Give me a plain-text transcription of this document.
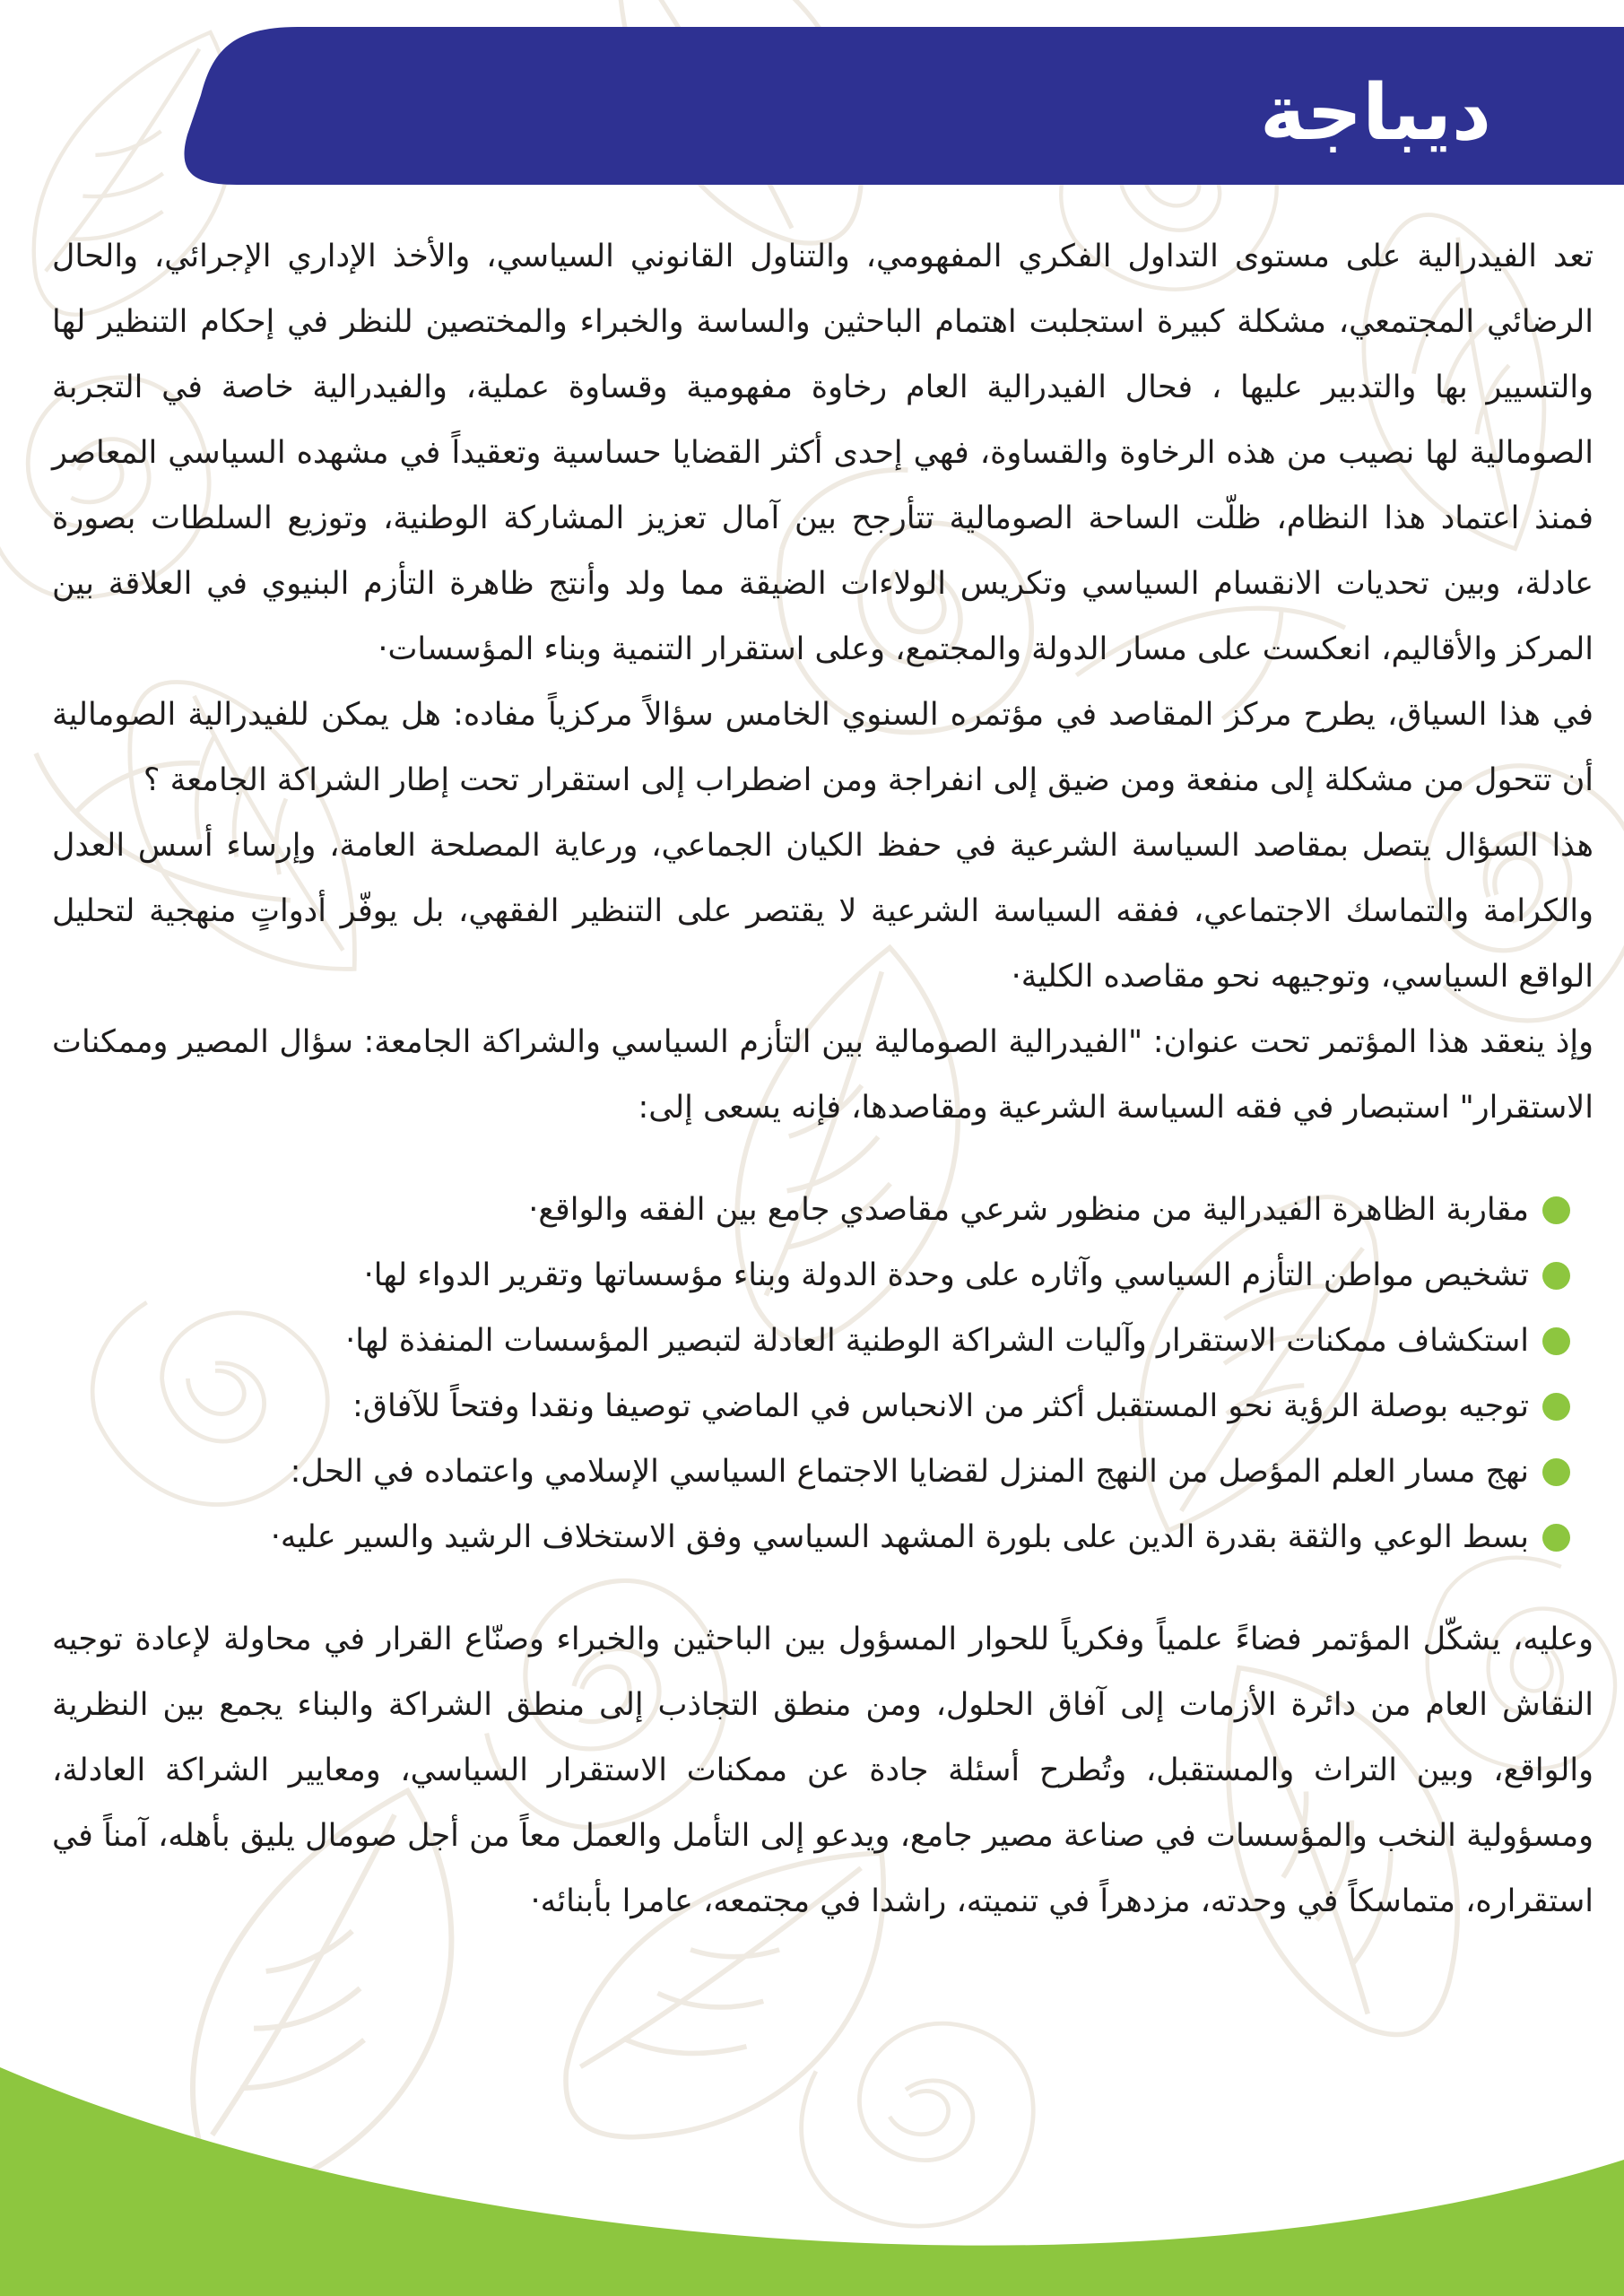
ديباجة

تعد الفيدرالية على مستوى التداول الفكري المفهومي، والتناول القانوني السياسي، والأخذ الإداري الإجرائي، والحال الرضائي المجتمعي، مشكلة كبيرة استجلبت اهتمام الباحثين والساسة والخبراء والمختصين للنظر في إحكام التنظير لها والتسيير بها والتدبير عليها ، فحال الفيدرالية العام رخاوة مفهومية وقساوة عملية، والفيدرالية خاصة في التجربة الصومالية لها نصيب من هذه الرخاوة والقساوة، فهي إحدى أكثر القضايا حساسية وتعقيداً في مشهده السياسي المعاصر فمنذ اعتماد هذا النظام، ظلّت الساحة الصومالية تتأرجح بين آمال تعزيز المشاركة الوطنية، وتوزيع السلطات بصورة عادلة، وبين تحديات الانقسام السياسي وتكريس الولاءات الضيقة مما ولد وأنتج ظاهرة التأزم البنيوي في العلاقة بين المركز والأقاليم، انعكست على مسار الدولة والمجتمع، وعلى استقرار التنمية وبناء المؤسسات·

في هذا السياق، يطرح مركز المقاصد في مؤتمره السنوي الخامس سؤالاً مركزياً مفاده: هل يمكن للفيدرالية الصومالية أن تتحول من مشكلة إلى منفعة ومن ضيق إلى انفراجة ومن اضطراب إلى استقرار تحت إطار الشراكة الجامعة ؟

هذا السؤال يتصل بمقاصد السياسة الشرعية في حفظ الكيان الجماعي، ورعاية المصلحة العامة، وإرساء أسس العدل والكرامة والتماسك الاجتماعي، ففقه السياسة الشرعية لا يقتصر على التنظير الفقهي، بل يوفّر أدواتٍ منهجية لتحليل الواقع السياسي، وتوجيهه نحو مقاصده الكلية·

وإذ ينعقد هذا المؤتمر تحت عنوان: "الفيدرالية الصومالية بين التأزم السياسي والشراكة الجامعة: سؤال المصير وممكنات الاستقرار" استبصار في فقه السياسة الشرعية ومقاصدها، فإنه يسعى إلى:

مقاربة الظاهرة الفيدرالية من منظور شرعي مقاصدي جامع بين الفقه والواقع·
تشخيص مواطن التأزم السياسي وآثاره على وحدة الدولة وبناء مؤسساتها وتقرير الدواء لها·
استكشاف ممكنات الاستقرار وآليات الشراكة الوطنية العادلة لتبصير المؤسسات المنفذة لها·
توجيه بوصلة الرؤية نحو المستقبل أكثر من الانحباس في الماضي توصيفا ونقدا وفتحاً للآفاق:
نهج مسار العلم المؤصل من النهج المنزل لقضايا الاجتماع السياسي الإسلامي واعتماده في الحل:
بسط الوعي والثقة بقدرة الدين على بلورة المشهد السياسي وفق الاستخلاف الرشيد والسير عليه·

وعليه، يشكّل المؤتمر فضاءً علمياً وفكرياً للحوار المسؤول بين الباحثين والخبراء وصنّاع القرار في محاولة لإعادة توجيه النقاش العام من دائرة الأزمات إلى آفاق الحلول، ومن منطق التجاذب إلى منطق الشراكة والبناء يجمع بين النظرية والواقع، وبين التراث والمستقبل، وتُطرح أسئلة جادة عن ممكنات الاستقرار السياسي، ومعايير الشراكة العادلة، ومسؤولية النخب والمؤسسات في صناعة مصير جامع، ويدعو إلى التأمل والعمل معاً من أجل صومال يليق بأهله، آمناً في استقراره، متماسكاً في وحدته، مزدهراً في تنميته، راشدا في مجتمعه، عامرا بأبنائه·
